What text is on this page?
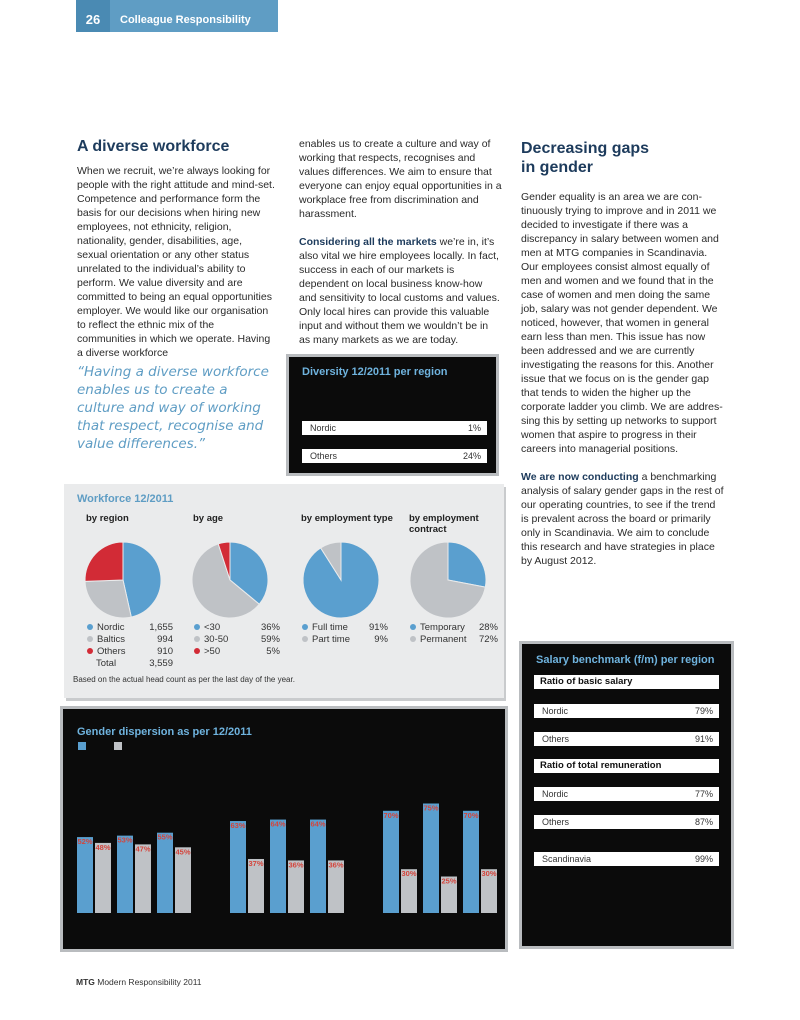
26	Colleague Responsibility
A diverse workforce
When we recruit, we’re always looking for people with the right attitude and mind-set. Competence and performance form the basis for our decisions when hiring new employees, not ethnicity, religion, nationality, gender, disabilities, age, sexual orientation or any other status unrelated to the individual’s ability to perform. We value diversity and are committed to being an equal opportunities employer. We would like our organisation to reflect the ethnic mix of the communities in which we operate. Having a diverse workforce
“Having a diverse workforce enables us to create a culture and way of working that respect, recognise and value differences.”
enables us to create a culture and way of working that respects, recognises and values differences. We aim to ensure that everyone can enjoy equal opportunities in a workplace free from discrimination and harassment.

Considering all the markets we’re in, it’s also vital we hire employees locally. In fact, success in each of our markets is dependent on local business know-how and sensitivity to local customs and values. Only local hires can provide this valuable input and without them we wouldn’t be in as many markets as we are today.
Diversity 12/2011 per region
Nordic	1%
Others	24%
Decreasing gaps
in gender
Gender equality is an area we are con-tinuously trying to improve and in 2011 we decided to investigate if there was a discrepancy in salary between women and men at MTG companies in Scandinavia. Our employees consist almost equally of men and women and we found that in the case of women and men doing the same job, salary was not gender dependent. We noticed, however, that women in general earn less than men. This issue has now been addressed and we are currently investigating the reasons for this. Another issue that we focus on is the gender gap that tends to widen the higher up the corporate ladder you climb. We are addres-sing this by setting up networks to support women that aspire to progress in their careers into managerial positions.

We are now conducting a benchmarking analysis of salary gender gaps in the rest of our operating countries, to see if the trend is prevalent across the board or primarily only in Scandinavia. We aim to conclude this research and have strategies in place by August 2012.
Workforce 12/2011
by region
Nordic	1,655
Baltics	994
Others	910
Total	3,559
by age
<30	36%
30-50	59%
>50	5%
by employment type
Full time 91%
Part time	9%
by employment contract
Temporary 28%
Permanent 72%
Based on the actual head count as per the last day of the year.
Gender dispersion as per 12/2011
52%
48%
53%
47%
55%
45%
63%
37%
64%
36%
64%
36%
70%
30%
75%
25%
70%
30%
Salary benchmark (f/m) per region
Ratio of basic salary
Nordic	79%
Others	91%
Ratio of total remuneration
Nordic	77%
Others	87%
Scandinavia	99%
MTG Modern Responsibility 2011
